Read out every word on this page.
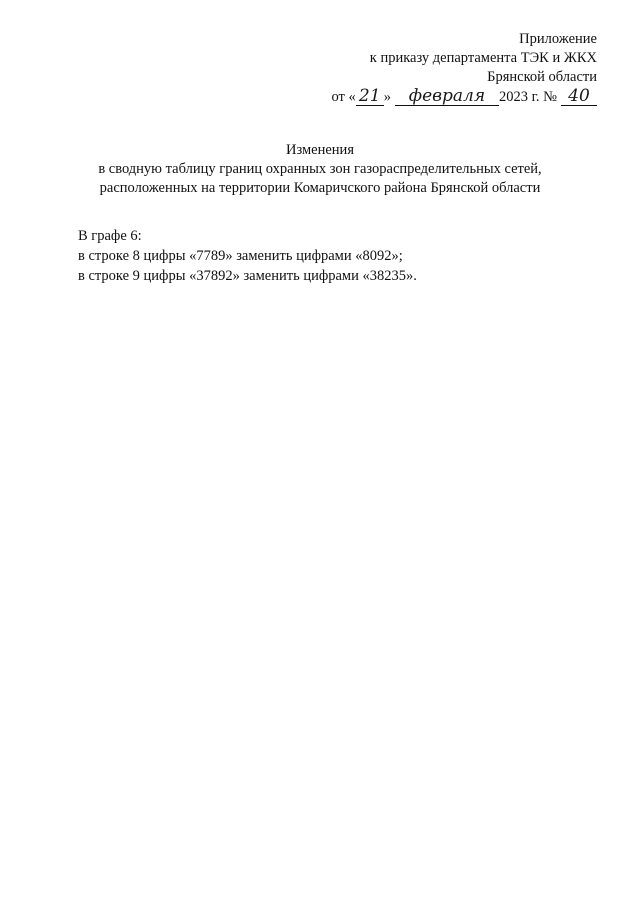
Приложение
к приказу департамента ТЭК и ЖКХ
Брянской области
от « 21 » февраля 2023 г. № 40
Изменения
в сводную таблицу границ охранных зон газораспределительных сетей,
расположенных на территории Комаричского района Брянской области
В графе 6:
в строке 8 цифры «7789» заменить цифрами «8092»;
в строке 9 цифры «37892» заменить цифрами «38235».
